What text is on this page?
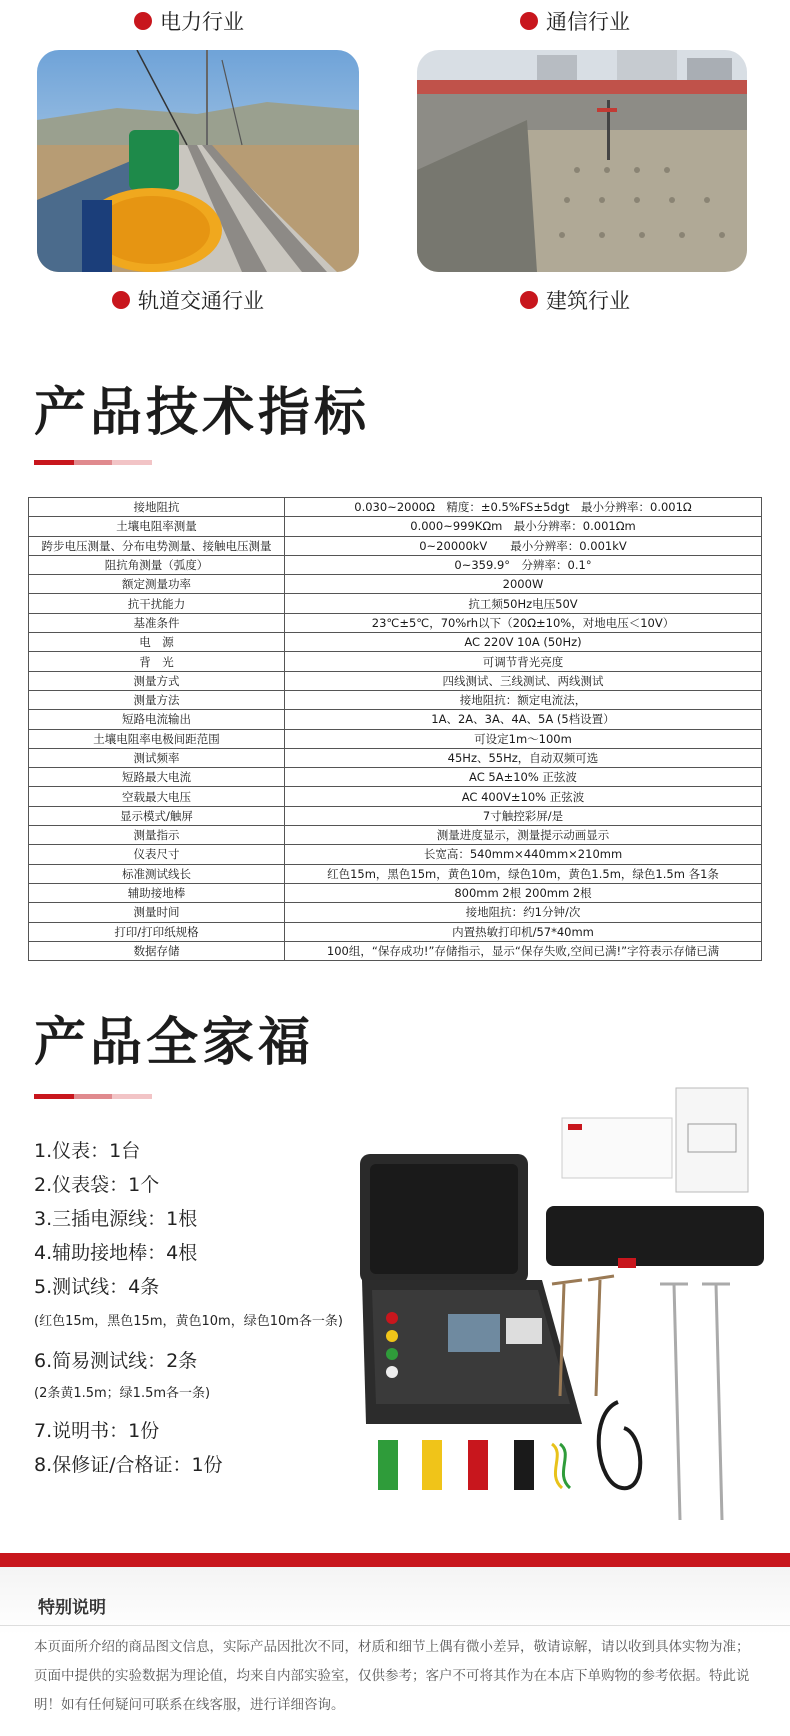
电力行业	通信行业
轨道交通行业	建筑行业
产品技术指标
接地阻抗	0.030~2000Ω　精度：±0.5%FS±5dgt　最小分辨率：0.001Ω
土壤电阻率测量	0.000~999KΩm　最小分辨率：0.001Ωm
跨步电压测量、分布电势测量、接触电压测量	0~20000kV　　最小分辨率：0.001kV
阻抗角测量（弧度）	0~359.9°　分辨率：0.1°
额定测量功率	2000W
抗干扰能力	抗工频50Hz电压50V
基准条件	23℃±5℃，70%rh以下（20Ω±10%，对地电压＜10V）
电　源	AC 220V 10A (50Hz)
背　光	可调节背光亮度
测量方式	四线测试、三线测试、两线测试
测量方法	接地阻抗：额定电流法，
短路电流输出	1A、2A、3A、4A、5A (5档设置）
土壤电阻率电极间距范围	可设定1m～100m
测试频率	45Hz、55Hz，自动双频可选
短路最大电流	AC 5A±10% 正弦波
空载最大电压	AC 400V±10% 正弦波
显示模式/触屏	7寸触控彩屏/是
测量指示	测量进度显示，测量提示动画显示
仪表尺寸	长宽高：540mm×440mm×210mm
标准测试线长	红色15m，黑色15m，黄色10m，绿色10m，黄色1.5m，绿色1.5m 各1条
辅助接地棒	800mm 2根 200mm 2根
测量时间	接地阻抗：约1分钟/次
打印/打印纸规格	内置热敏打印机/57*40mm
数据存储	100组，“保存成功!”存储指示，显示“保存失败,空间已满!”字符表示存储已满
产品全家福
1.仪表：1台
2.仪表袋：1个
3.三插电源线：1根
4.辅助接地棒：4根
5.测试线：4条
(红色15m，黑色15m，黄色10m，绿色10m各一条)
6.简易测试线：2条
(2条黄1.5m；绿1.5m各一条)
7.说明书：1份
8.保修证/合格证：1份
特别说明
本页面所介绍的商品图文信息，实际产品因批次不同，材质和细节上偶有微小差异，敬请谅解，请以收到具体实物为准；页面中提供的实验数据为理论值，均来自内部实验室，仅供参考；客户不可将其作为在本店下单购物的参考依据。特此说明！如有任何疑问可联系在线客服，进行详细咨询。
